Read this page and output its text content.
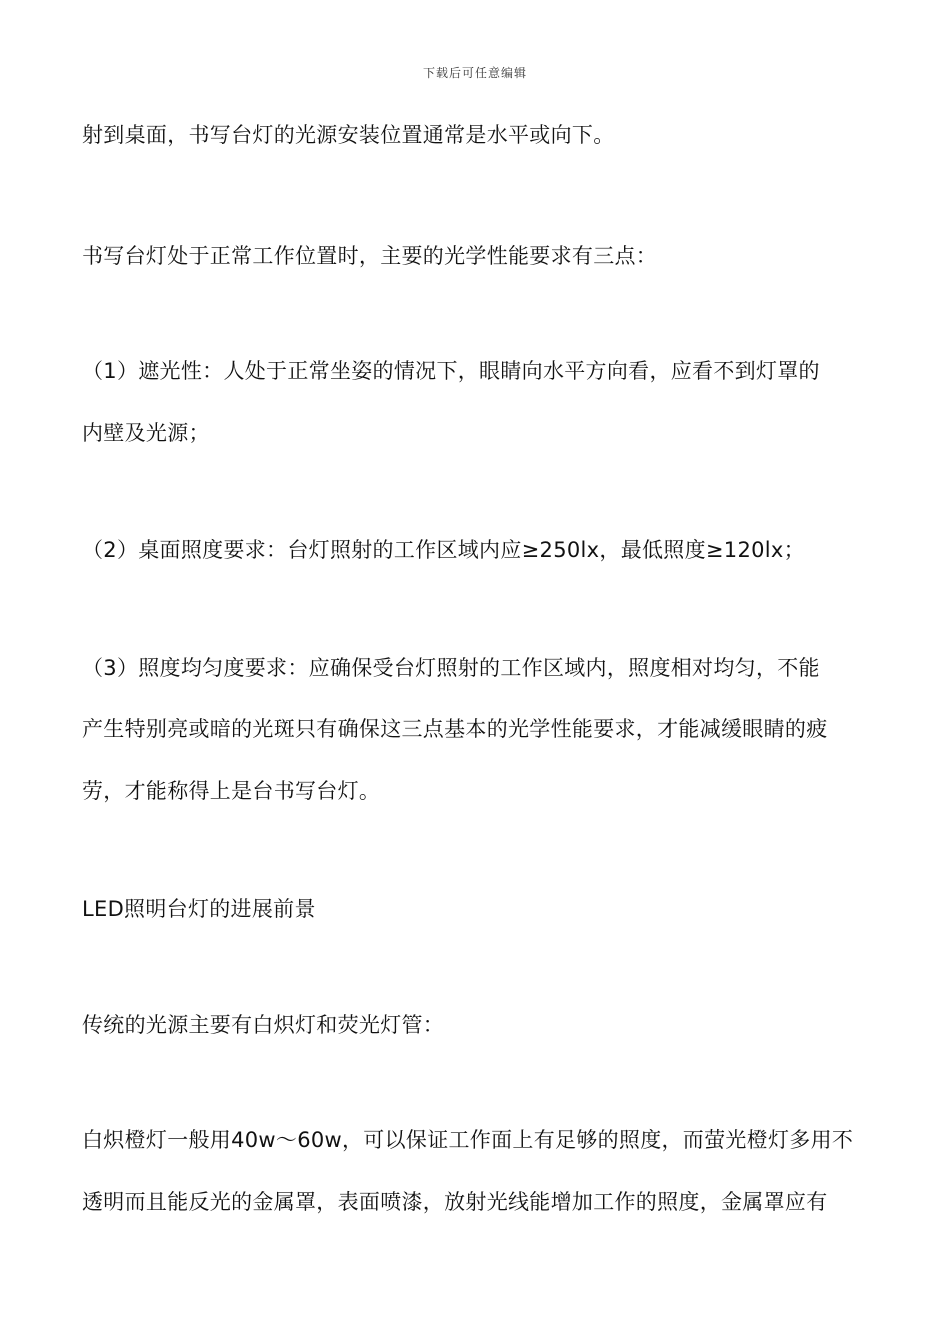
下载后可任意编辑
射到桌面，书写台灯的光源安装位置通常是水平或向下。
书写台灯处于正常工作位置时，主要的光学性能要求有三点：
（1）遮光性：人处于正常坐姿的情况下，眼睛向水平方向看，应看不到灯罩的
内壁及光源；
（2）桌面照度要求：台灯照射的工作区域内应≥250lx，最低照度≥120lx；
（3）照度均匀度要求：应确保受台灯照射的工作区域内，照度相对均匀，不能
产生特别亮或暗的光斑只有确保这三点基本的光学性能要求，才能减缓眼睛的疲
劳，才能称得上是台书写台灯。
LED照明台灯的进展前景
传统的光源主要有白炽灯和荧光灯管：
白炽橙灯一般用40w～60w，可以保证工作面上有足够的照度，而萤光橙灯多用不
透明而且能反光的金属罩，表面喷漆，放射光线能增加工作的照度，金属罩应有
